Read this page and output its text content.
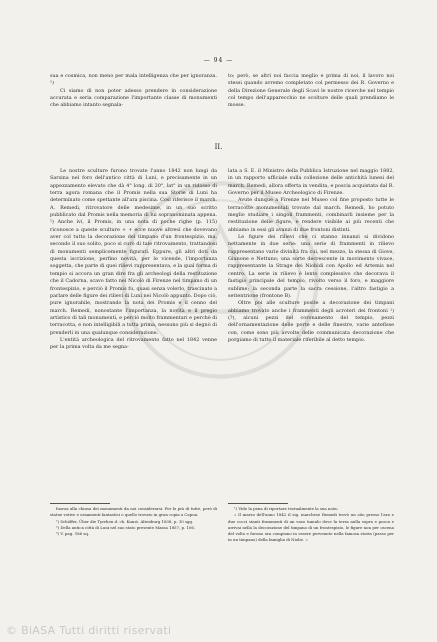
— 94 —

sua e cosmica, non meno per mala intelligenza che per ignoranza. ¹)

Ci siamo di non poter adesso prendere in considerazione accurata e seria comparazione l'importante classe di monumenti che abbiamo intanto segnala-

to; però, se altri noi faccia meglio e prima di noi, il lavoro noi stessi quando avremo completato col permesso dei R. Governo e della Direzione Generale degli Scavi le nostre ricerche nel tempio col tempo dell'apparecchio ne scolture delle quali prendiamo le mosse.

II.

Le nostre sculture furono trovate l'anno 1842 non lungi da Sarsina nel foro dell'antico città di Luni, e precisamente in un appezzamento elevato che dà 4° long. di 20°, lat° in un ridosso di terra agora romana che il Promis nella sua Storie di Luni ha determinato come spettante all'ara piscina. Così riferisce il march. A. Remedi, ritrovatore delle medesime, in un suo scritto pubblicato dal Promis nella memoria di lui sopranominata appena. ²) Anche ivi, il Promis, in una nota di poche righe (p. 115) riconosce a queste sculture + + ecce nuove altresì che dovevano aver col tutto la decorazione del timpano d'un frontespizio, ma, secondo il suo solito, poco si curò di tale ritrovamento, trattandosi di monumenti semplicemente figurati. Eppure, gli altri doti da questa iscrizione, perfino novità, per le vicende, l'importanza soggetta, che parte di quei rilievi rappresentava, e la qual forma di tempio si accora un gran dire fra gli archeologi della restituzione che il Cadorna, scavo fatto nei Nicolò di Firenze nel timpano di un frontespizio, e perciò il Promis fu, quasi senza volerlo, trascinato a parlare delle figure dei rilievi di Luni nei Nicolò appunto. Dopo ciò, pure ignorabile, mostrando la nota dei Promis e il cenno del march. Remedi, nonostante l'importanza, la novità e il pregio artistico di tali monumenti, e perciò molto frammentari e perchè di terracotta, e non intelligibili a tutta prima, nessuno più si degnò di prenderli in una qualunque considerazione.

L'entità archeologica del ritrovamento fatto nel 1842 venne per la prima volta da me segna-

lata a S. E. il Ministro della Pubblica Istruzione nel maggio 1882, in un rapporto ufficiale sulla collezione delle antichità lunesi del march. Remedi, allora offerta in vendita, e poscia acquistata dal R. Governo per il Museo Archeologico di Firenze.

Avute dunque a Firenze nel Museo col fine proposto tutte le terracotte monumentali trovate dal march. Remedi, ho potuto meglio studiare i singoli frammenti, combinarli insieme per la restituzione delle figure, e rendere visibile ai più recenti che abbiamo in essi gli avanzi di due frontoni distinti.

Le figure dei rilievi che ci stanno innanzi si dividono nettamente in due serie: una serie di frammenti in rilievo rappresentano varie divinità fra cui, nel mezzo, la stessa di Giove, Giunone e Nettuno; una sorte decrescente in movimento vivace, rappresentante la Strage dei Niobidi con Apollo ed Artemis nel centro. La serie in rilievo è lento complessivo che decorava il fastigio principale del tempio, rivolto verso il foro, e maggiore sublime; la seconda parte la sacra cessione, l'altro fastigio a settentrione (frontone B).

Oltre poi alle sculture posite a decorazione dei timpani abbiamo trovato anche i frammenti degli acroteri dei frontoni ¹) (?), alcuni pezzi del coronamento del tempio, pezzi dell'ornamentazione delle porte e delle finestre, varie antefisse con, come sono più avvolte delle communicata decorazione che porgiamo di tutto il materiale riferibile al detto tempio.

fuorza alla chiusa dei monumenti da noi considerarsi. Per le più di tutte, però di statue votive e ornamenti fantastici o quello trovato in gran copia a Capua.

¹) Schöffer, Über die Tyrrhen d. ch. Kunst, Altenburg 1838, p. 10 sgg.

²) Della antica città di Luni nel suo stato presente Massa 1857, p. 106.

³) V. pag. 186 sq.

¹) Vide la pena di riportare testualmente la sua nota:

« Il marzo dell'anno 1842 il sig. marchese Remedi trovò un sito presso l'ara e due cocci stanti frammenti di un vaso tumulo dove la terra nulla sopra e posca e arrivai nella la decorazione del timpano di un frontespizio, le figure non per oscena del volto e furono ora compiono in essere pervenute nella famosa storia (passo per in un timpano) della famiglia di Niobe. »

© BiASA Tutti diritti riservati
